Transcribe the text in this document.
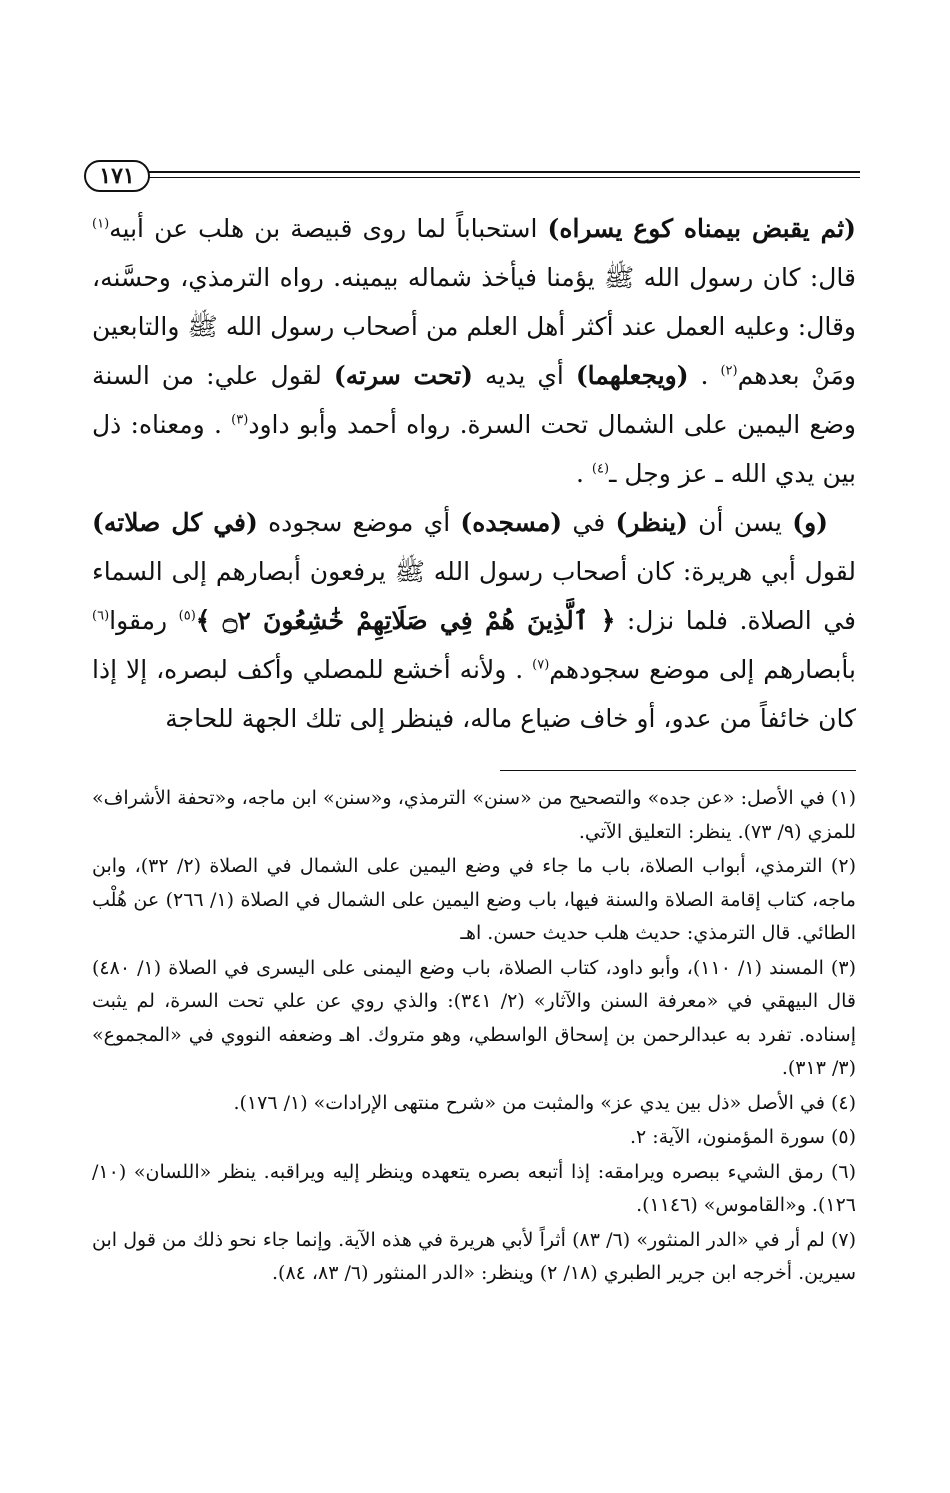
١٧١

(ثم يقبض بيمناه كوع يسراه) استحباباً لما روى قبيصة بن هلب عن أبيه$^{(١)}$ قال: كان رسول الله ﷺ يؤمنا فيأخذ شماله بيمينه. رواه الترمذي، وحسَّنه، وقال: وعليه العمل عند أكثر أهل العلم من أصحاب رسول الله ﷺ والتابعين ومَنْ بعدهم$^{(٢)}$ . (ويجعلهما) أي يديه (تحت سرته) لقول علي: من السنة وضع اليمين على الشمال تحت السرة. رواه أحمد وأبو داود$^{(٣)}$ . ومعناه: ذل بين يدي الله ـ عز وجل ـ$^{(٤)}$ .

(و) يسن أن (ينظر) في (مسجده) أي موضع سجوده (في كل صلاته) لقول أبي هريرة: كان أصحاب رسول الله ﷺ يرفعون أبصارهم إلى السماء في الصلاة. فلما نزل: ﴿ ٱلَّذِينَ هُمْ فِي صَلَاتِهِمْ خَٰشِعُونَ ۝٢ ﴾$^{(٥)}$ رمقوا$^{(٦)}$ بأبصارهم إلى موضع سجودهم$^{(٧)}$ . ولأنه أخشع للمصلي وأكف لبصره، إلا إذا كان خائفاً من عدو، أو خاف ضياع ماله، فينظر إلى تلك الجهة للحاجة

(١) في الأصل: «عن جده» والتصحيح من «سنن» الترمذي، و«سنن» ابن ماجه، و«تحفة الأشراف» للمزي (٩/ ٧٣). ينظر: التعليق الآتي.

(٢) الترمذي، أبواب الصلاة، باب ما جاء في وضع اليمين على الشمال في الصلاة (٢/ ٣٢)، وابن ماجه، كتاب إقامة الصلاة والسنة فيها، باب وضع اليمين على الشمال في الصلاة (١/ ٢٦٦) عن هُلْب الطائي. قال الترمذي: حديث هلب حديث حسن. اهـ

(٣) المسند (١/ ١١٠)، وأبو داود، كتاب الصلاة، باب وضع اليمنى على اليسرى في الصلاة (١/ ٤٨٠) قال البيهقي في «معرفة السنن والآثار» (٢/ ٣٤١): والذي روي عن علي تحت السرة، لم يثبت إسناده. تفرد به عبدالرحمن بن إسحاق الواسطي، وهو متروك. اهـ وضعفه النووي في «المجموع» (٣/ ٣١٣).

(٤) في الأصل «ذل بين يدي عز» والمثبت من «شرح منتهى الإرادات» (١/ ١٧٦).

(٥) سورة المؤمنون، الآية: ٢.

(٦) رمق الشيء ببصره ويرامقه: إذا أتبعه بصره يتعهده وينظر إليه ويراقبه. ينظر «اللسان» (١٠/ ١٢٦). و«القاموس» (١١٤٦).

(٧) لم أر في «الدر المنثور» (٦/ ٨٣) أثراً لأبي هريرة في هذه الآية. وإنما جاء نحو ذلك من قول ابن سيرين. أخرجه ابن جرير الطبري (١٨/ ٢) وينظر: «الدر المنثور (٦/ ٨٣، ٨٤).
